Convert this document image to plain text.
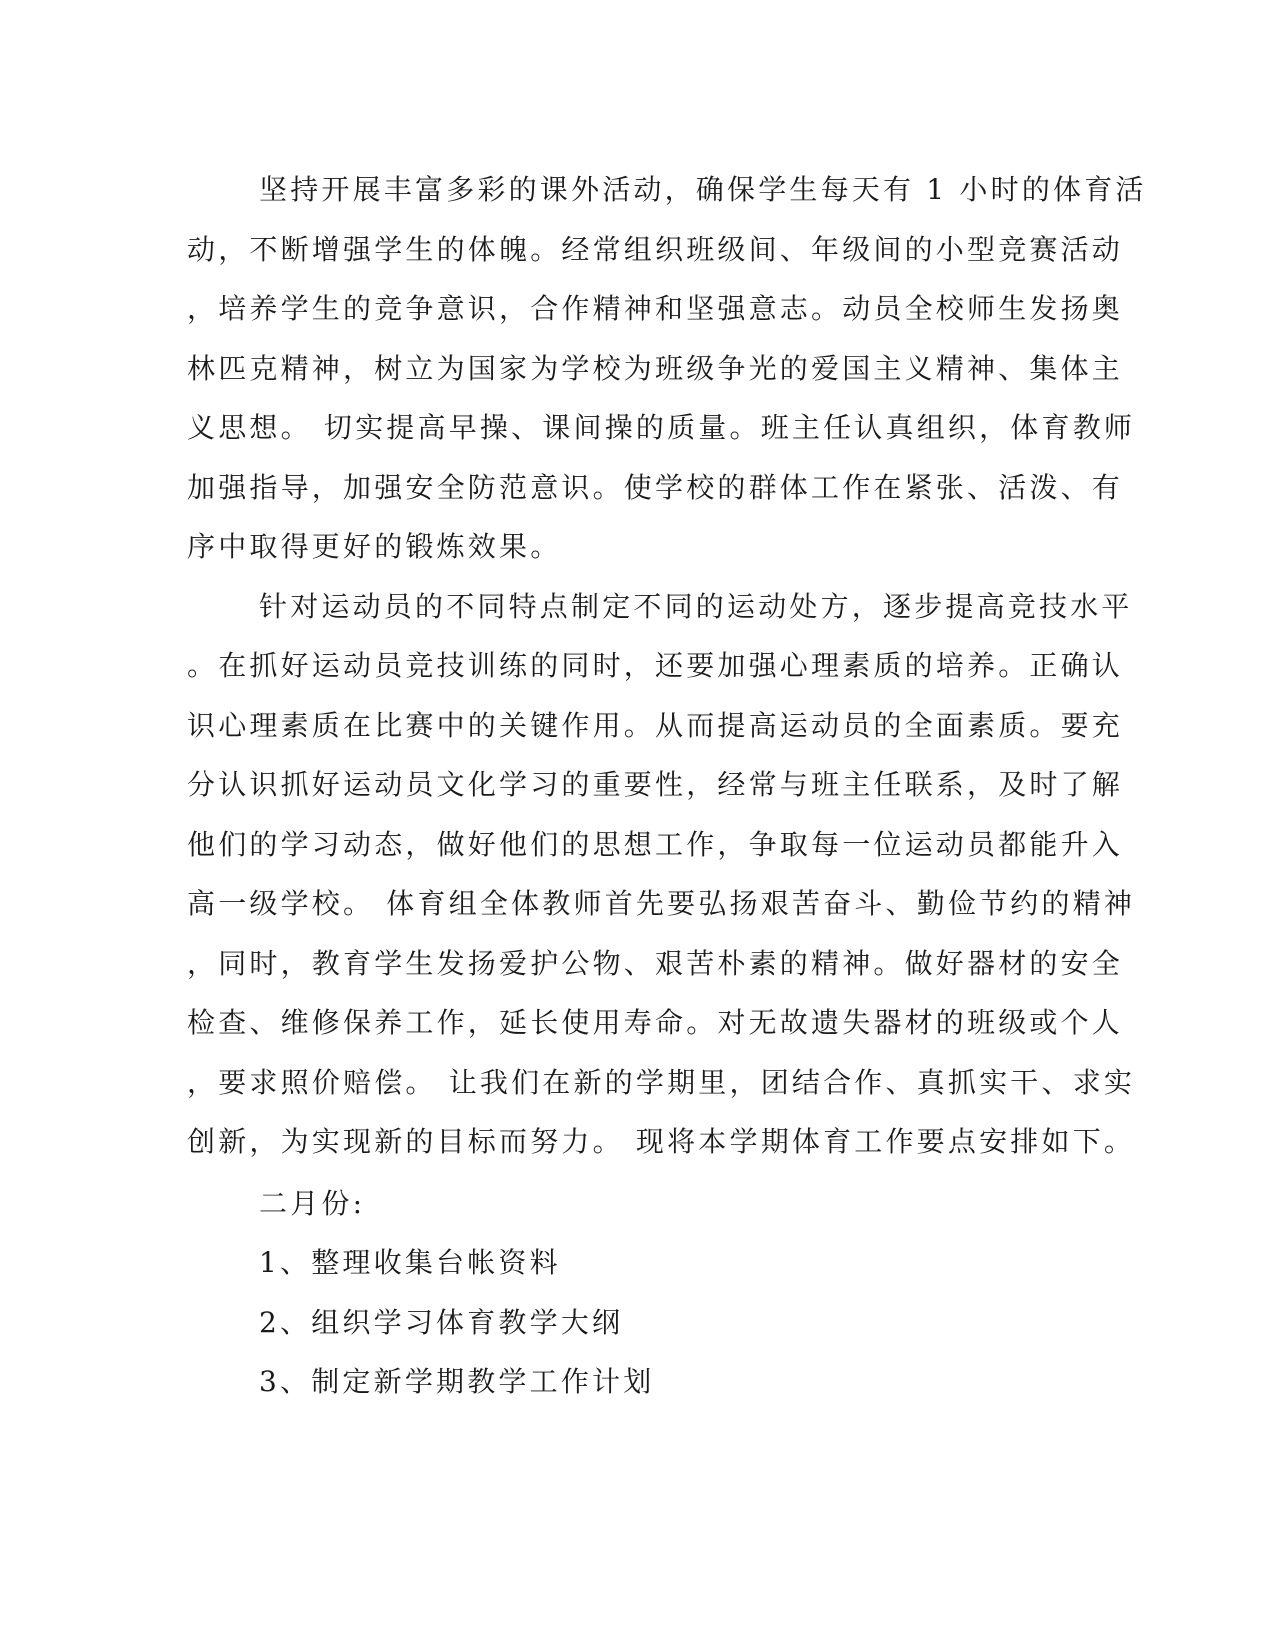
坚持开展丰富多彩的课外活动，确保学生每天有 1 小时的体育活
动，不断增强学生的体魄。经常组织班级间、年级间的小型竞赛活动
，培养学生的竞争意识，合作精神和坚强意志。动员全校师生发扬奥
林匹克精神，树立为国家为学校为班级争光的爱国主义精神、集体主
义思想。 切实提高早操、课间操的质量。班主任认真组织，体育教师
加强指导，加强安全防范意识。使学校的群体工作在紧张、活泼、有
序中取得更好的锻炼效果。
针对运动员的不同特点制定不同的运动处方，逐步提高竞技水平
。在抓好运动员竞技训练的同时，还要加强心理素质的培养。正确认
识心理素质在比赛中的关键作用。从而提高运动员的全面素质。要充
分认识抓好运动员文化学习的重要性，经常与班主任联系，及时了解
他们的学习动态，做好他们的思想工作，争取每一位运动员都能升入
高一级学校。 体育组全体教师首先要弘扬艰苦奋斗、勤俭节约的精神
，同时，教育学生发扬爱护公物、艰苦朴素的精神。做好器材的安全
检查、维修保养工作，延长使用寿命。对无故遗失器材的班级或个人
，要求照价赔偿。 让我们在新的学期里，团结合作、真抓实干、求实
创新，为实现新的目标而努力。 现将本学期体育工作要点安排如下。
二月份:
1、整理收集台帐资料
2、组织学习体育教学大纲
3、制定新学期教学工作计划
